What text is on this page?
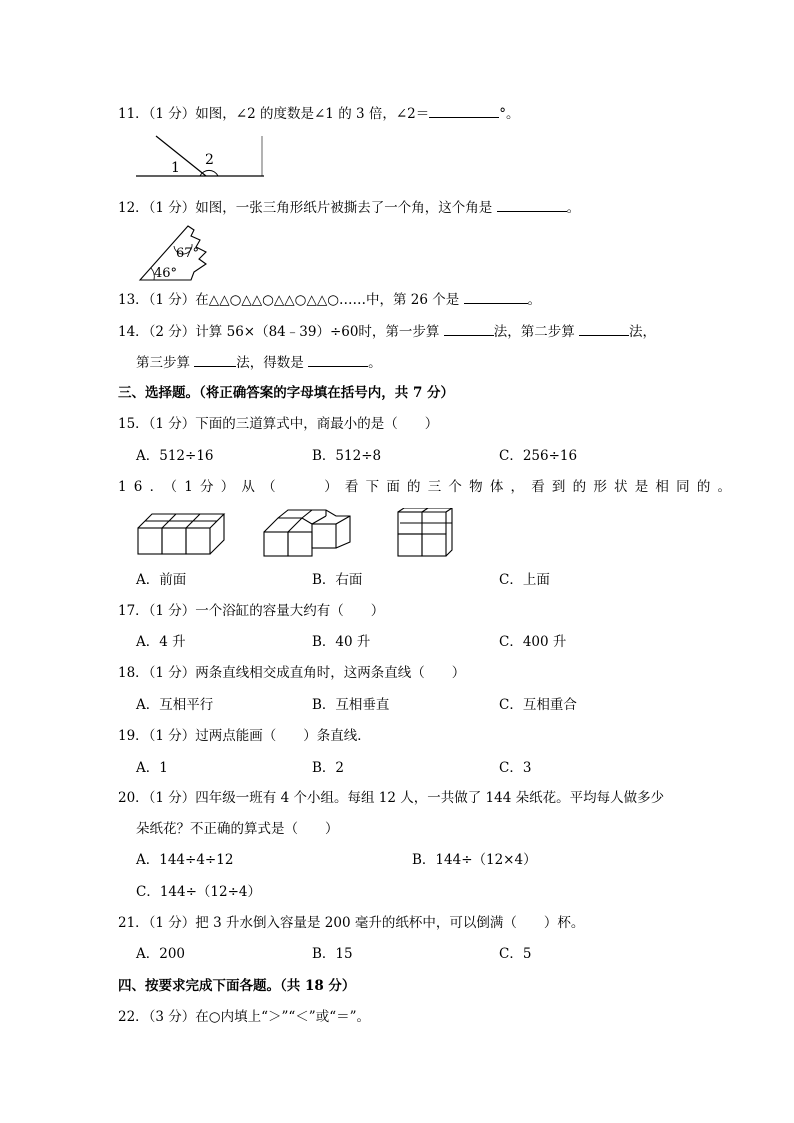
11．（1 分）如图，∠2 的度数是∠1 的 3 倍，∠2＝	°。
1 2
12．（1 分）如图，一张三角形纸片被撕去了一个角，这个角是	。
67°
46°
13．（1 分）在△△○△△○△△○△△○……中，第 26 个是	。
14．（2 分）计算 56×（84﹣39）÷60时，第一步算	法，第二步算	法，
第三步算	法，得数是	。
三、选择题。（将正确答案的字母填在括号内，共 7 分）
15．（1 分）下面的三道算式中，商最小的是（　　）
A．512÷16	B．512÷8	C．256÷16
16．（1分）从（　　）看下面的三个物体，看到的形状是相同的。
A．前面	B．右面	C．上面
17．（1 分）一个浴缸的容量大约有（　　）
A．4 升	B．40 升	C．400 升
18．（1 分）两条直线相交成直角时，这两条直线（　　）
A．互相平行	B．互相垂直	C．互相重合
19．（1 分）过两点能画（　　）条直线．
A．1	B．2	C．3
20．（1 分）四年级一班有 4 个小组。每组 12 人，一共做了 144 朵纸花。平均每人做多少
朵纸花？不正确的算式是（　　）
A．144÷4÷12	B．144÷（12×4）
C．144÷（12÷4）
21．（1 分）把 3 升水倒入容量是 200 毫升的纸杯中，可以倒满（　　）杯。
A．200	B．15	C．5
四、按要求完成下面各题。（共 18 分）
22．（3 分）在○内填上“＞”“＜”或“＝”。
